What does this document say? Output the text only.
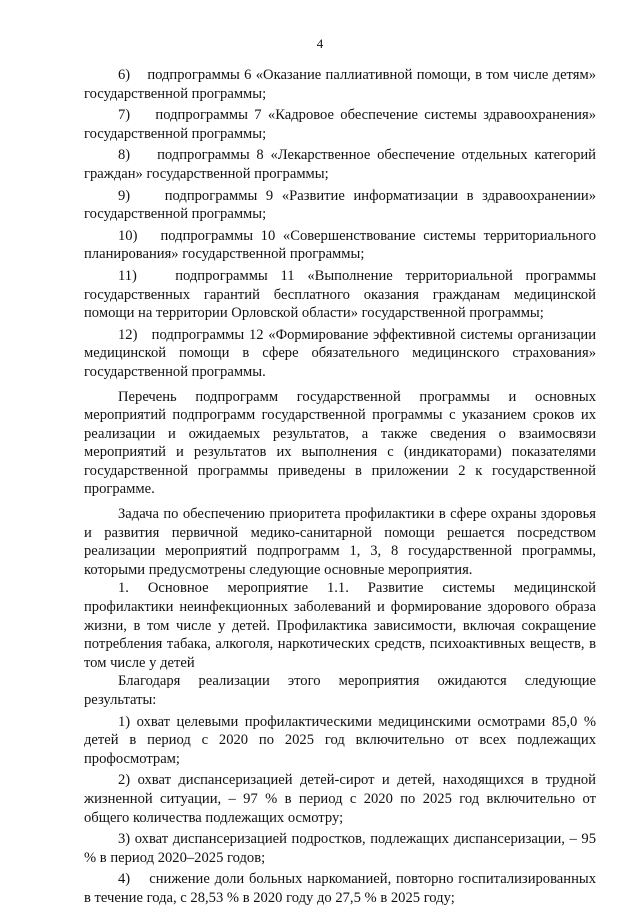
4

6)    подпрограммы 6 «Оказание паллиативной помощи, в том числе детям» государственной программы;

7)    подпрограммы 7 «Кадровое обеспечение системы здравоохранения» государственной программы;

8)    подпрограммы 8 «Лекарственное обеспечение отдельных категорий граждан» государственной программы;

9)    подпрограммы 9 «Развитие информатизации в здравоохранении» государственной программы;

10)   подпрограммы 10 «Совершенствование системы территориального планирования» государственной программы;

11)   подпрограммы 11 «Выполнение территориальной программы государственных гарантий бесплатного оказания гражданам медицинской помощи на территории Орловской области» государственной программы;

12)   подпрограммы 12 «Формирование эффективной системы организации медицинской помощи в сфере обязательного медицинского страхования» государственной программы.

Перечень подпрограмм государственной программы и основных мероприятий подпрограмм государственной программы с указанием сроков их реализации и ожидаемых результатов, а также сведения о взаимосвязи мероприятий и результатов их выполнения с (индикаторами) показателями государственной программы приведены в приложении 2 к государственной программе.

Задача по обеспечению приоритета профилактики в сфере охраны здоровья и развития первичной медико-санитарной помощи решается посредством реализации мероприятий подпрограмм 1, 3, 8 государственной программы, которыми предусмотрены следующие основные мероприятия.

1. Основное мероприятие 1.1. Развитие системы медицинской профилактики неинфекционных заболеваний и формирование здорового образа жизни, в том числе у детей. Профилактика зависимости, включая сокращение потребления табака, алкоголя, наркотических средств, психоактивных веществ, в том числе у детей

Благодаря реализации этого мероприятия ожидаются следующие результаты:

1) охват целевыми профилактическими медицинскими осмотрами 85,0 % детей в период с 2020 по 2025 год включительно от всех подлежащих профосмотрам;

2) охват диспансеризацией детей-сирот и детей, находящихся в трудной жизненной ситуации, – 97 % в период с 2020 по 2025 год включительно от общего количества подлежащих осмотру;

3) охват диспансеризацией подростков, подлежащих диспансеризации, – 95 % в период 2020–2025 годов;

4)    снижение доли больных наркоманией, повторно госпитализированных в течение года, с 28,53 % в 2020 году до 27,5 % в 2025 году;
